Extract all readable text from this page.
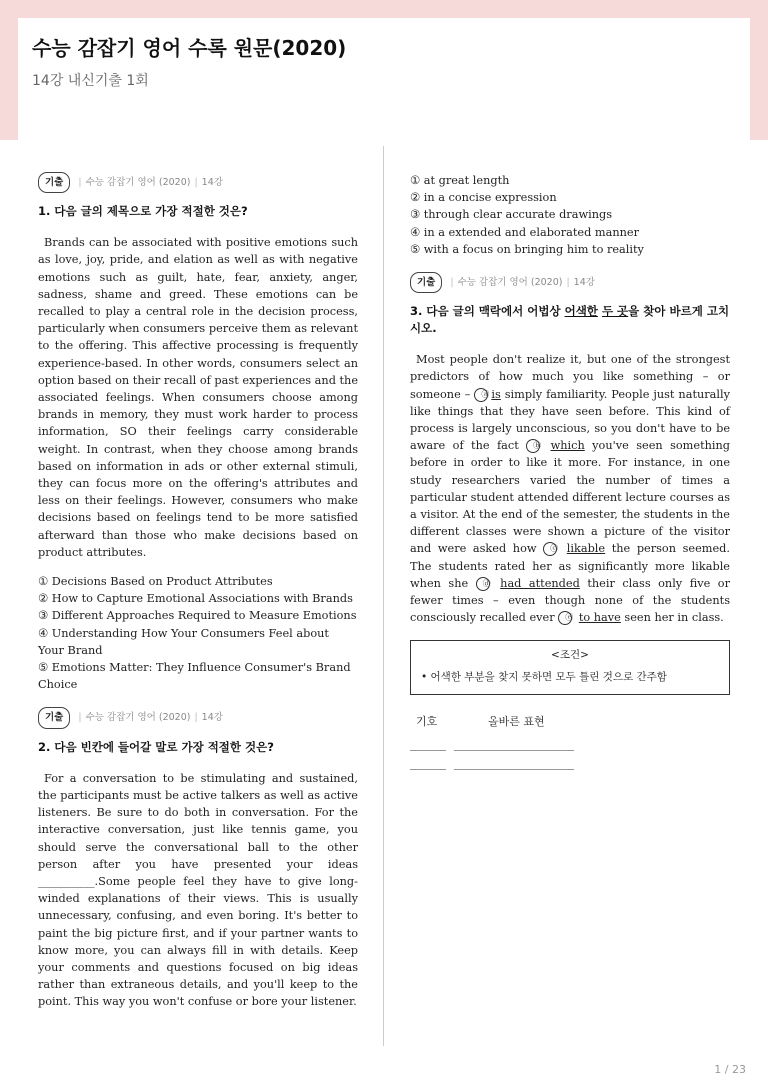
수능 감잡기 영어 수록 원문(2020)
14강 내신기출 1회
기출	| 수능 감잡기 영어 (2020) | 14강

1. 다음 글의 제목으로 가장 적절한 것은?

Brands can be associated with positive emotions such as love, joy, pride, and elation as well as with negative emotions such as guilt, hate, fear, anxiety, anger, sadness, shame and greed. These emotions can be recalled to play a central role in the decision process, particularly when consumers perceive them as relevant to the offering. This affective processing is frequently experience-based. In other words, consumers select an option based on their recall of past experiences and the associated feelings. When consumers choose among brands in memory, they must work harder to process information, SO their feelings carry considerable weight. In contrast, when they choose among brands based on information in ads or other external stimuli, they can focus more on the offering's attributes and less on their feelings. However, consumers who make decisions based on feelings tend to be more satisfied afterward than those who make decisions based on product attributes.

① Decisions Based on Product Attributes

② How to Capture Emotional Associations with Brands

③ Different Approaches Required to Measure Emotions

④ Understanding How Your Consumers Feel about Your Brand

⑤ Emotions Matter: They Influence Consumer's Brand Choice

기출	| 수능 감잡기 영어 (2020) | 14강

2. 다음 빈칸에 들어갈 말로 가장 적절한 것은?

For a conversation to be stimulating and sustained, the participants must be active talkers as well as active listeners. Be sure to do both in conversation. For the interactive conversation, just like tennis game, you should serve the conversational ball to the other person after you have presented your ideas __________.Some people feel they have to give long-winded explanations of their views. This is usually unnecessary, confusing, and even boring. It's better to paint the big picture first, and if your partner wants to know more, you can always fill in with details. Keep your comments and questions focused on big ideas rather than extraneous details, and you'll keep to the point. This way you won't confuse or bore your listener.

① at great length

② in a concise expression

③ through clear accurate drawings

④ in a extended and elaborated manner

⑤ with a focus on bringing him to reality

기출	| 수능 감잡기 영어 (2020) | 14강

3. 다음 글의 맥락에서 어법상 어색한 두 곳을 찾아 바르게 고치시오.

Most people don't realize it, but one of the strongest predictors of how much you like something – or someone – ⓐ is simply familiarity. People just naturally like things that they have seen before. This kind of process is largely unconscious, so you don't have to be aware of the fact ⓑ which you've seen something before in order to like it more. For instance, in one study researchers varied the number of times a particular student attended different lecture courses as a visitor. At the end of the semester, the students in the different classes were shown a picture of the visitor and were asked how ⓒ likable the person seemed. The students rated her as significantly more likable when she ⓓ had attended their class only five or fewer times – even though none of the students consciously recalled ever ⓔ to have seen her in class.

<조건>
• 어색한 부분을 찾지 못하면 모두 틀린 것으로 간주함
기호	올바른 표현
1 / 23
